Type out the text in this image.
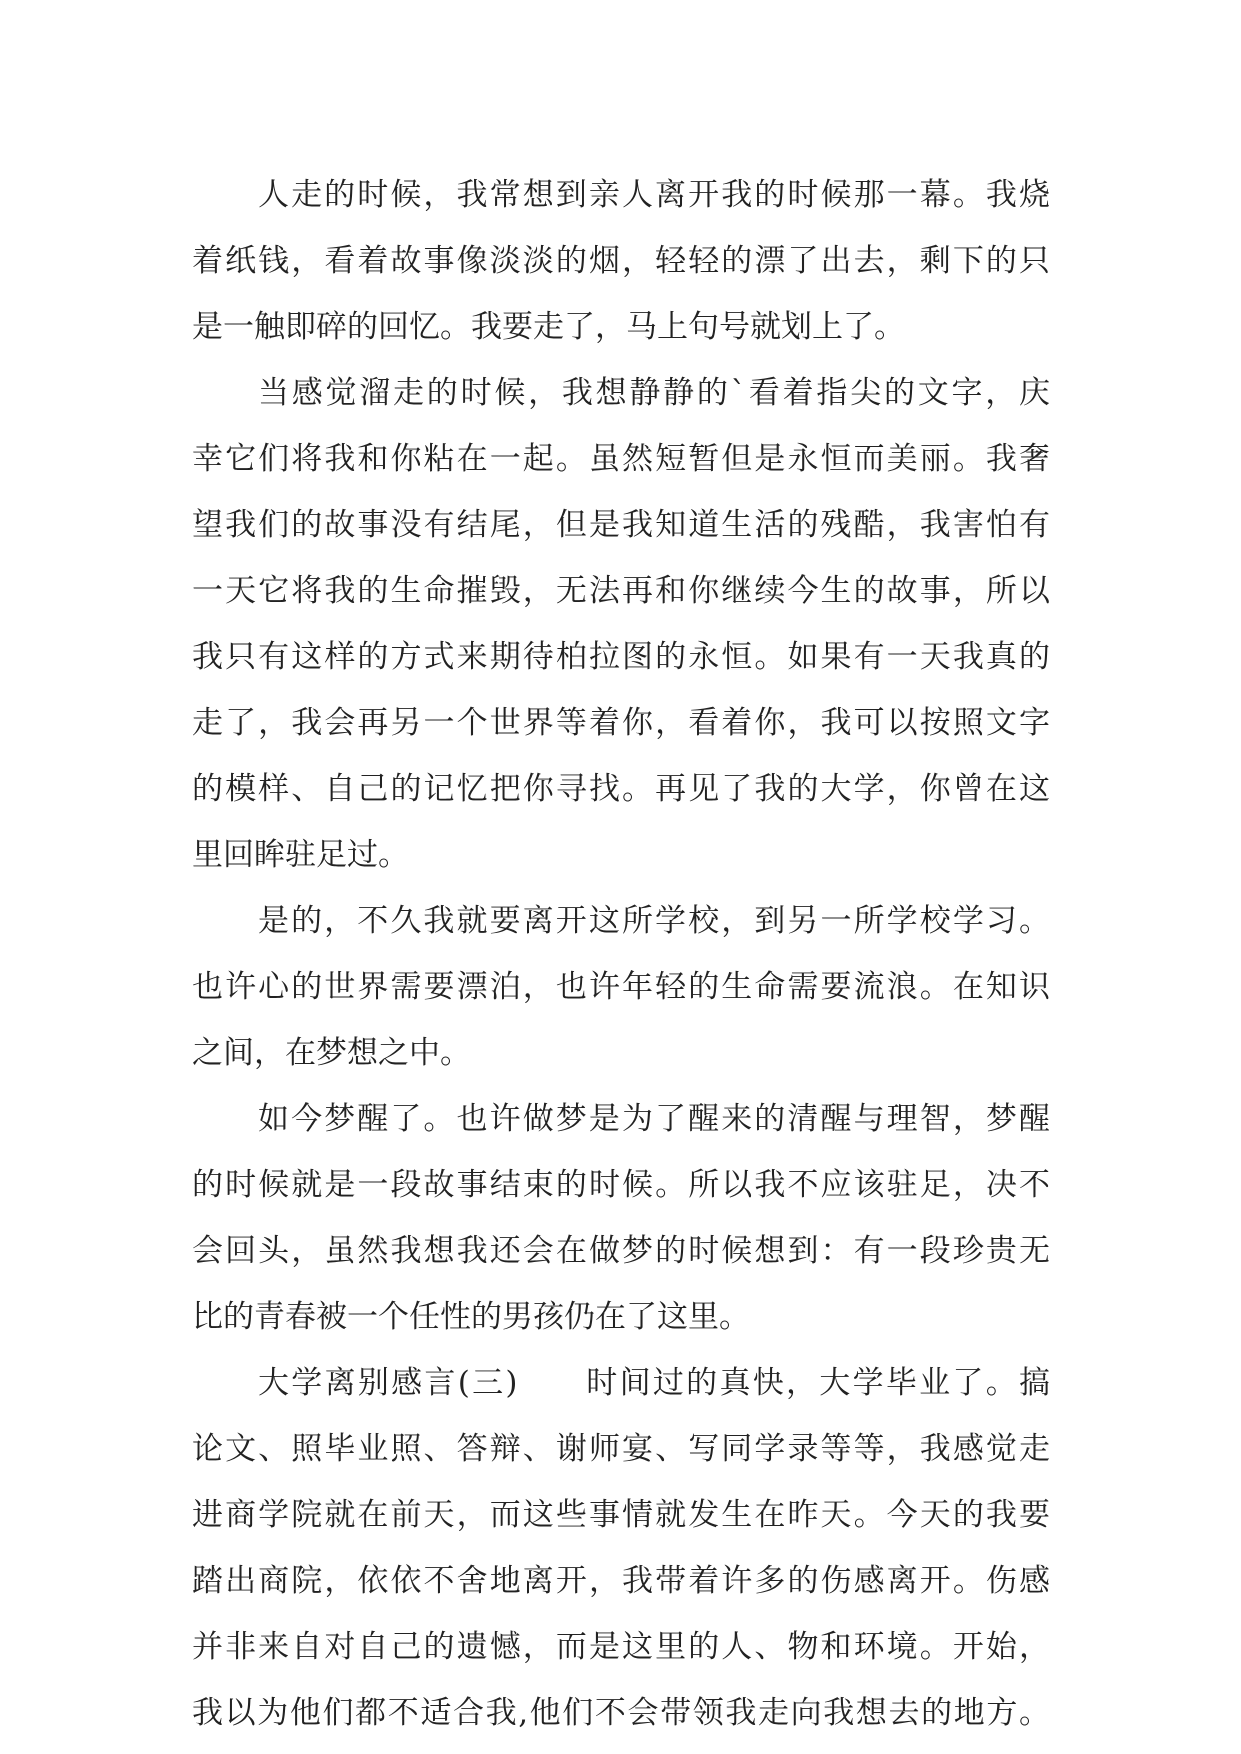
人走的时候，我常想到亲人离开我的时候那一幕。我烧
着纸钱，看着故事像淡淡的烟，轻轻的漂了出去，剩下的只
是一触即碎的回忆。我要走了，马上句号就划上了。
当感觉溜走的时候，我想静静的`看着指尖的文字，庆
幸它们将我和你粘在一起。虽然短暂但是永恒而美丽。我奢
望我们的故事没有结尾，但是我知道生活的残酷，我害怕有
一天它将我的生命摧毁，无法再和你继续今生的故事，所以
我只有这样的方式来期待柏拉图的永恒。如果有一天我真的
走了，我会再另一个世界等着你，看着你，我可以按照文字
的模样、自己的记忆把你寻找。再见了我的大学，你曾在这
里回眸驻足过。
是的，不久我就要离开这所学校，到另一所学校学习。
也许心的世界需要漂泊，也许年轻的生命需要流浪。在知识
之间，在梦想之中。
如今梦醒了。也许做梦是为了醒来的清醒与理智，梦醒
的时候就是一段故事结束的时候。所以我不应该驻足，决不
会回头，虽然我想我还会在做梦的时候想到：有一段珍贵无
比的青春被一个任性的男孩仍在了这里。
大学离别感言(三)　　时间过的真快，大学毕业了。搞
论文、照毕业照、答辩、谢师宴、写同学录等等，我感觉走
进商学院就在前天，而这些事情就发生在昨天。今天的我要
踏出商院，依依不舍地离开，我带着许多的伤感离开。伤感
并非来自对自己的遗憾，而是这里的人、物和环境。开始，
我以为他们都不适合我,他们不会带领我走向我想去的地方。
